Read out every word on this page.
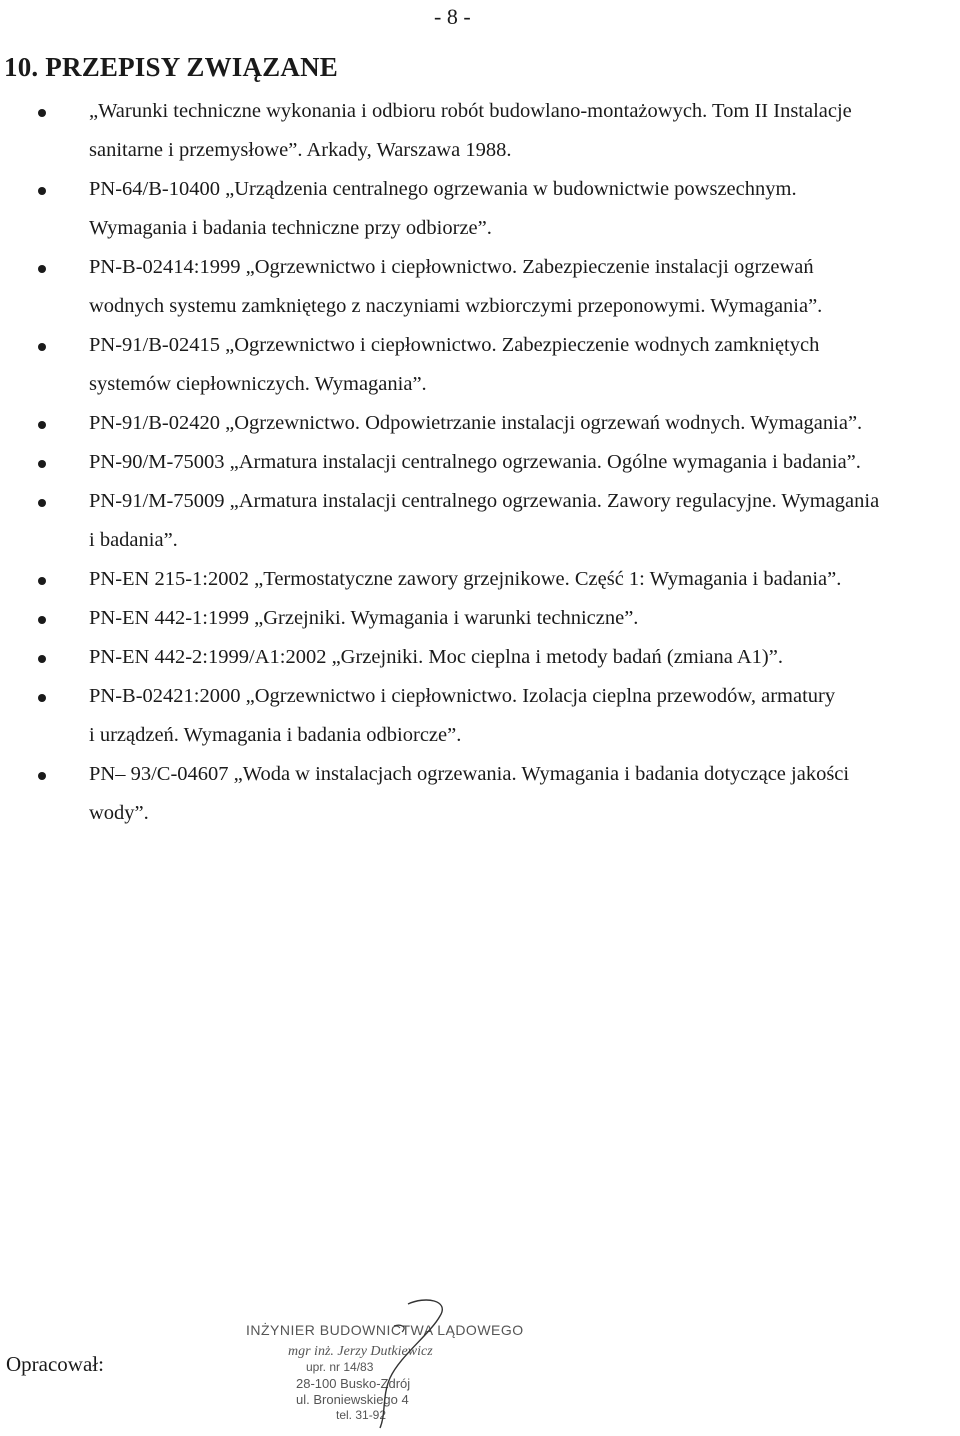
- 8 -
10. PRZEPISY ZWIĄZANE
„Warunki techniczne wykonania i odbioru robót budowlano-montażowych. Tom II Instalacje
sanitarne i przemysłowe”. Arkady, Warszawa 1988.
PN-64/B-10400 „Urządzenia centralnego ogrzewania w budownictwie powszechnym.
Wymagania i badania techniczne przy odbiorze”.
PN-B-02414:1999 „Ogrzewnictwo i ciepłownictwo. Zabezpieczenie instalacji ogrzewań
wodnych systemu zamkniętego z naczyniami wzbiorczymi przeponowymi. Wymagania”.
PN-91/B-02415 „Ogrzewnictwo i ciepłownictwo. Zabezpieczenie wodnych zamkniętych
systemów ciepłowniczych. Wymagania”.
PN-91/B-02420 „Ogrzewnictwo. Odpowietrzanie instalacji ogrzewań wodnych. Wymagania”.
PN-90/M-75003 „Armatura instalacji centralnego ogrzewania. Ogólne wymagania i badania”.
PN-91/M-75009 „Armatura instalacji centralnego ogrzewania. Zawory regulacyjne. Wymagania
i badania”.
PN-EN 215-1:2002 „Termostatyczne zawory grzejnikowe. Część 1: Wymagania i badania”.
PN-EN 442-1:1999 „Grzejniki. Wymagania i warunki techniczne”.
PN-EN 442-2:1999/A1:2002 „Grzejniki. Moc cieplna i metody badań (zmiana A1)”.
PN-B-02421:2000 „Ogrzewnictwo i ciepłownictwo. Izolacja cieplna przewodów, armatury
i urządzeń. Wymagania i badania odbiorcze”.
PN– 93/C-04607 „Woda w instalacjach ogrzewania. Wymagania i badania dotyczące jakości
wody”.
Opracował:
INŻYNIER BUDOWNICTWA LĄDOWEGO
mgr inż. Jerzy Dutkiewicz
upr. nr 14/83
28-100 Busko-Zdrój
ul. Broniewskiego 4
tel. 31-92
